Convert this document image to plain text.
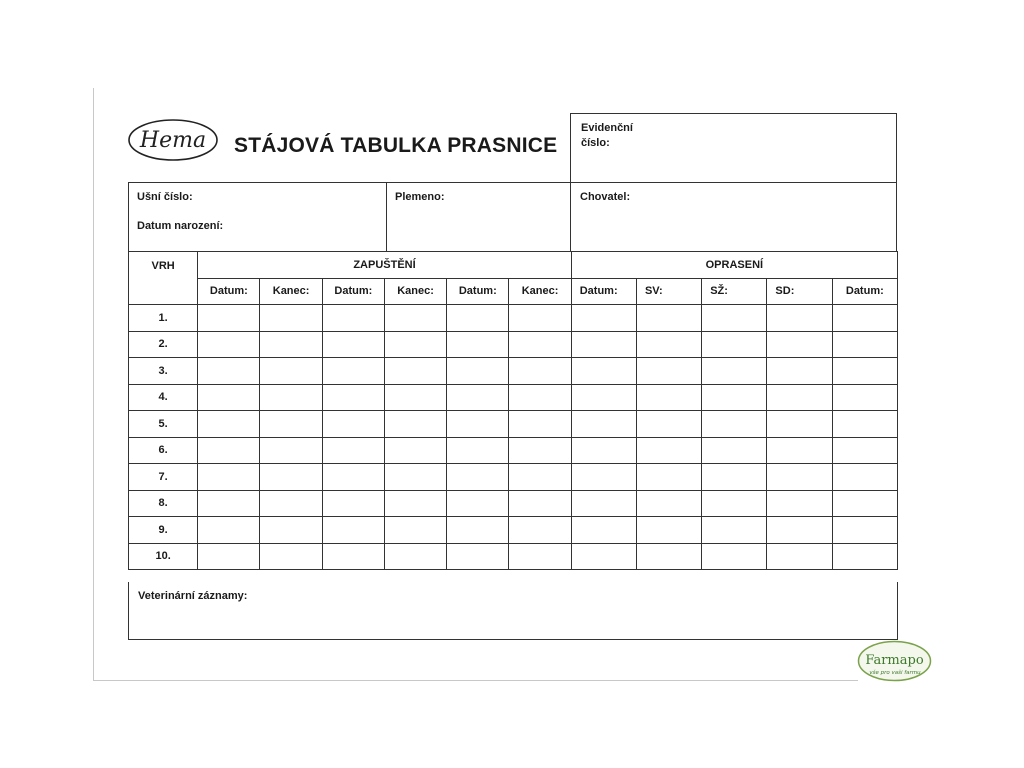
Hema STÁJOVÁ TABULKA PRASNICE
Evidenční
číslo:
Ušní číslo:
Datum narození:
Plemeno:	Chovatel:
VRH	ZAPUŠTĚNÍ						OPRASENÍ				
	Datum:	Kanec:	Datum:	Kanec:	Datum:	Kanec:	Datum:	SV:	SŽ:	SD:	Datum:
1.											
2.											
3.											
4.											
5.											
6.											
7.											
8.											
9.											
10.											
Veterinární záznamy:
Farmapo
vše pro vaši farmu
